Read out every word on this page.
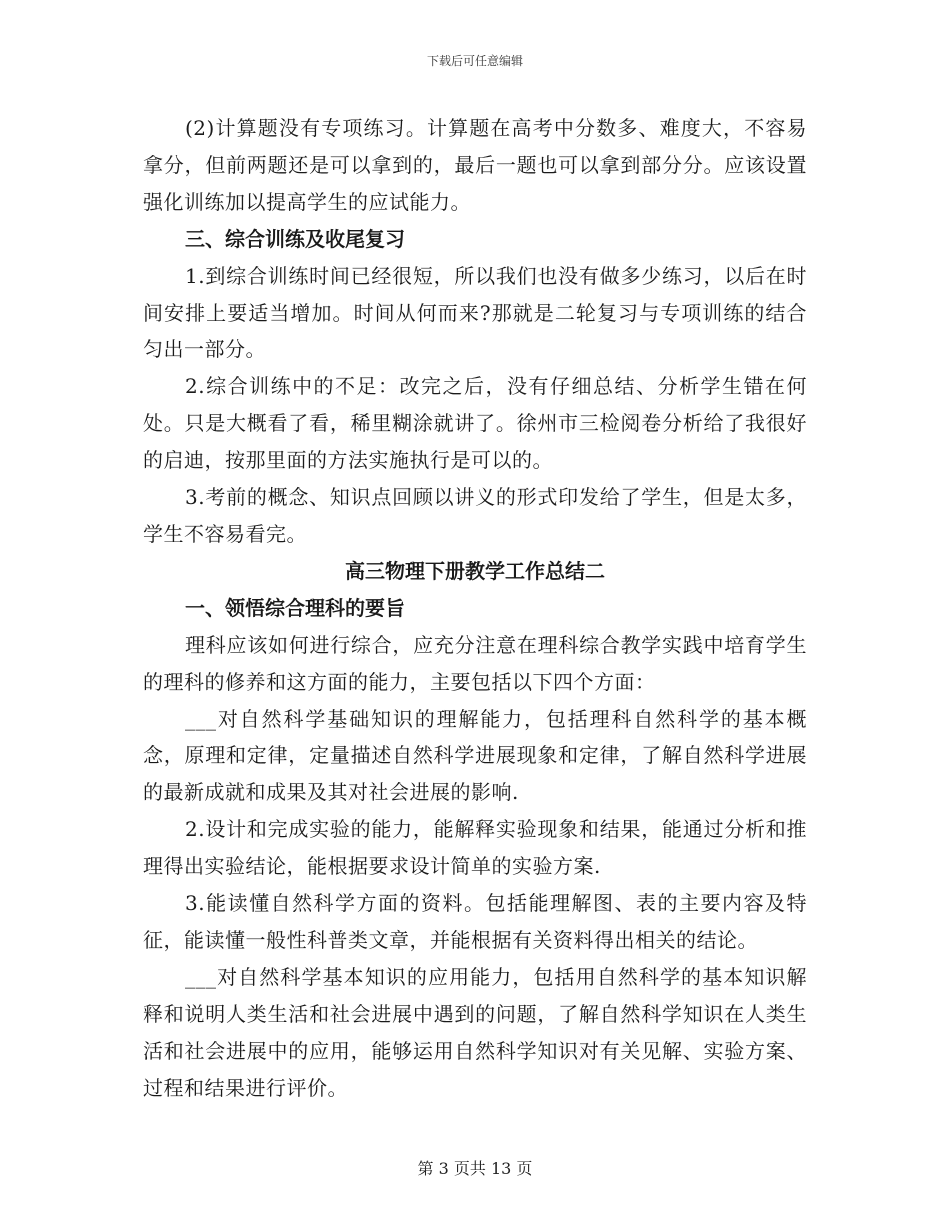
下载后可任意编辑

(2)计算题没有专项练习。计算题在高考中分数多、难度大，不容易拿分，但前两题还是可以拿到的，最后一题也可以拿到部分分。应该设置强化训练加以提高学生的应试能力。

三、综合训练及收尾复习

1.到综合训练时间已经很短，所以我们也没有做多少练习，以后在时间安排上要适当增加。时间从何而来?那就是二轮复习与专项训练的结合匀出一部分。

2.综合训练中的不足：改完之后，没有仔细总结、分析学生错在何处。只是大概看了看，稀里糊涂就讲了。徐州市三检阅卷分析给了我很好的启迪，按那里面的方法实施执行是可以的。

3.考前的概念、知识点回顾以讲义的形式印发给了学生，但是太多，学生不容易看完。

高三物理下册教学工作总结二

一、领悟综合理科的要旨

理科应该如何进行综合，应充分注意在理科综合教学实践中培育学生的理科的修养和这方面的能力，主要包括以下四个方面：

___对自然科学基础知识的理解能力，包括理科自然科学的基本概念，原理和定律，定量描述自然科学进展现象和定律，了解自然科学进展的最新成就和成果及其对社会进展的影响.

2.设计和完成实验的能力，能解释实验现象和结果，能通过分析和推理得出实验结论，能根据要求设计简单的实验方案.

3.能读懂自然科学方面的资料。包括能理解图、表的主要内容及特征，能读懂一般性科普类文章，并能根据有关资料得出相关的结论。

___对自然科学基本知识的应用能力，包括用自然科学的基本知识解释和说明人类生活和社会进展中遇到的问题，了解自然科学知识在人类生活和社会进展中的应用，能够运用自然科学知识对有关见解、实验方案、过程和结果进行评价。

第 3 页共 13 页
